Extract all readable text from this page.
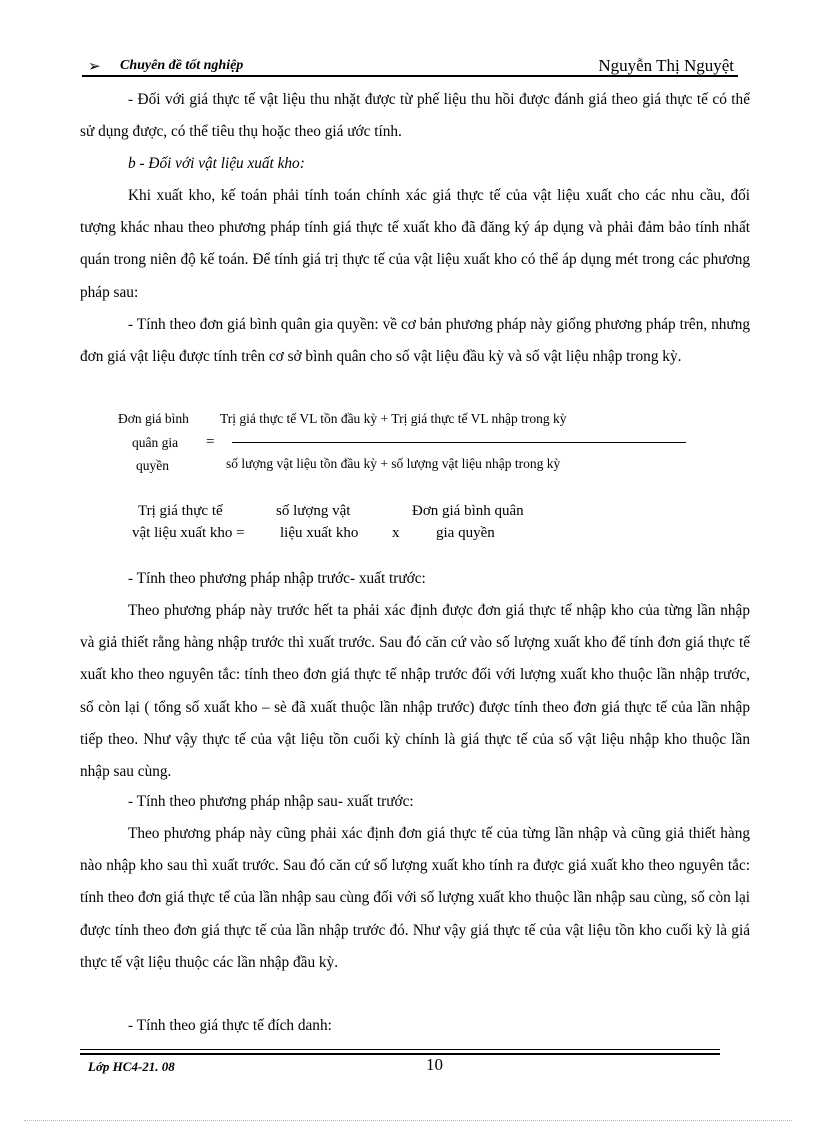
➢ Chuyên đề tốt nghiệp	Nguyễn Thị Nguyệt
- Đối với giá thực tế vật liệu thu nhặt được từ phế liệu thu hồi được đánh giá theo giá thực tế có thể sử dụng được, có thể tiêu thụ hoặc theo giá ước tính.
b - Đối với vật liệu xuất kho:
Khi xuất kho, kế toán phải tính toán chính xác giá thực tế của vật liệu xuất cho các nhu cầu, đối tượng khác nhau theo phương pháp tính giá thực tế xuất kho đã đăng ký áp dụng và phải đảm bảo tính nhất quán trong niên độ kế toán. Để tính giá trị thực tế của vật liệu xuất kho có thể áp dụng mét trong các phương pháp sau:
- Tính theo đơn giá bình quân gia quyền: về cơ bản phương pháp này giống phương pháp trên, nhưng đơn giá vật liệu được tính trên cơ sở bình quân cho số vật liệu đầu kỳ và số vật liệu nhập trong kỳ.
Đơn giá bình
quân gia
quyền
=
Trị giá thực tế VL tồn đầu kỳ + Trị giá thực tế VL nhập trong kỳ
số lượng vật liệu tồn đầu kỳ + số lượng vật liệu nhập trong kỳ
Trị giá thực tế
vật liệu xuất kho =
số lượng vật
liệu xuất kho x
Đơn giá bình quân
gia quyền
- Tính theo phương pháp nhập trước- xuất trước:
Theo phương pháp này trước hết ta phải xác định được đơn giá thực tế nhập kho của từng lần nhập và giả thiết rằng hàng nhập trước thì xuất trước. Sau đó căn cứ vào số lượng xuất kho để tính đơn giá thực tế xuất kho theo nguyên tắc: tính theo đơn giá thực tế nhập trước đối với lượng xuất kho thuộc lần nhập trước, số còn lại ( tổng số xuất kho – sè đã xuất thuộc lần nhập trước) được tính theo đơn giá thực tế của lần nhập tiếp theo. Như vậy thực tế của vật liệu tồn cuối kỳ chính là giá thực tế của số vật liệu nhập kho thuộc lần nhập sau cùng.
- Tính theo phương pháp nhập sau- xuất trước:
Theo phương pháp này cũng phải xác định đơn giá thực tế của từng lần nhập và cũng giả thiết hàng nào nhập kho sau thì xuất trước. Sau đó căn cứ số lượng xuất kho tính ra được giá xuất kho theo nguyên tắc: tính theo đơn giá thực tế của lần nhập sau cùng đối với số lượng xuất kho thuộc lần nhập sau cùng, số còn lại được tính theo đơn giá thực tế của lần nhập trước đó. Như vậy giá thực tế của vật liệu tồn kho cuối kỳ là giá thực tế vật liệu thuộc các lần nhập đầu kỳ.
- Tính theo giá thực tế đích danh:
Lớp HC4-21. 08	10
